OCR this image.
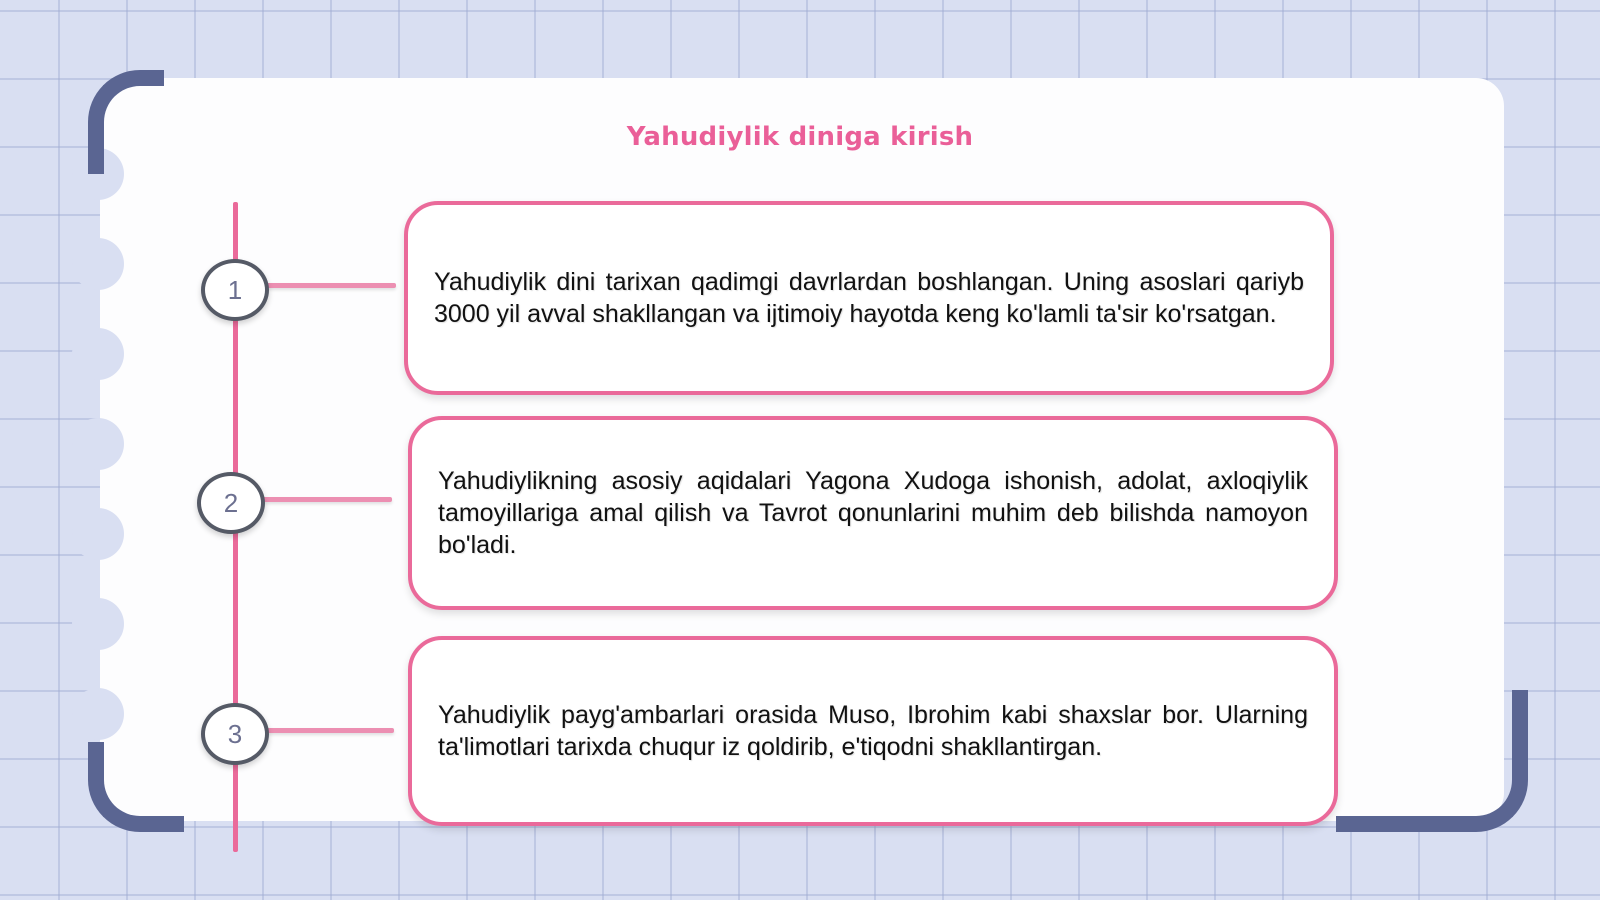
Yahudiylik diniga kirish
1	Yahudiylik dini tarixan qadimgi davrlardan boshlangan. Uning asoslari qariyb 3000 yil avval shakllangan va ijtimoiy hayotda keng ko'lamli ta'sir ko'rsatgan.

2

Yahudiylikning asosiy aqidalari Yagona Xudoga ishonish, adolat, axloqiylik tamoyillariga amal qilish va Tavrot qonunlarini muhim deb bilishda namoyon bo'ladi.

3

Yahudiylik payg'ambarlari orasida Muso, Ibrohim kabi shaxslar bor. Ularning ta'limotlari tarixda chuqur iz qoldirib, e'tiqodni shakllantirgan.
